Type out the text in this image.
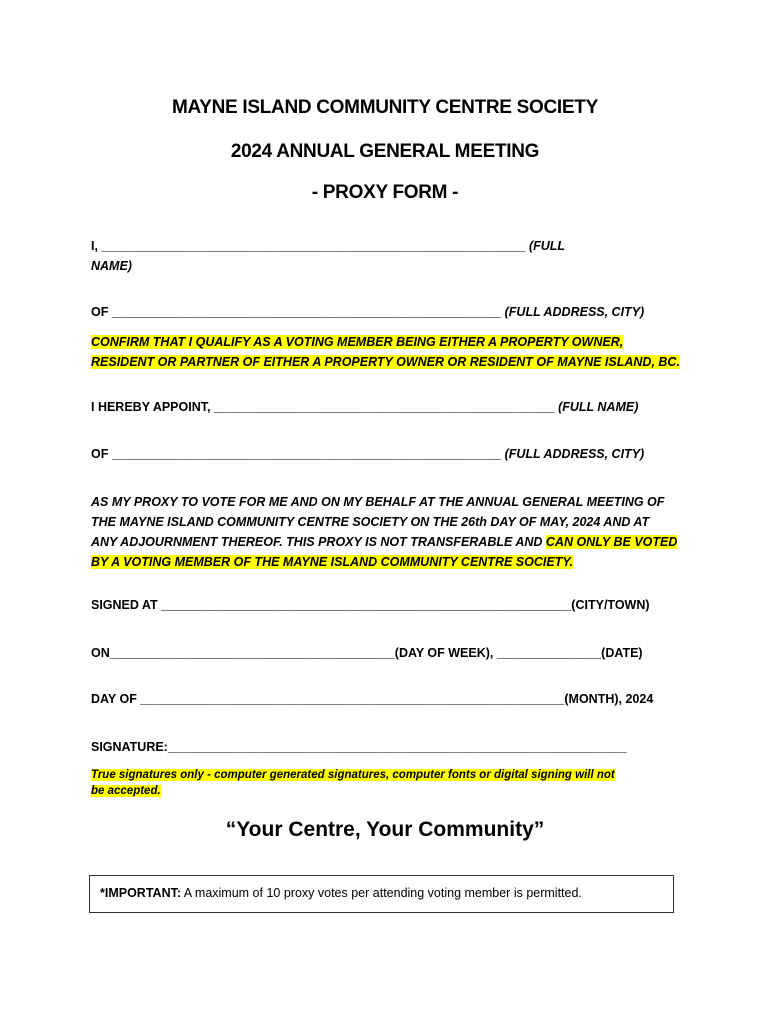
MAYNE ISLAND COMMUNITY CENTRE SOCIETY
2024 ANNUAL GENERAL MEETING
- PROXY FORM -
I, _____________________________________________________________ (FULL
NAME)
OF ________________________________________________________ (FULL ADDRESS, CITY)
CONFIRM THAT I QUALIFY AS A VOTING MEMBER BEING EITHER A PROPERTY OWNER,
RESIDENT OR PARTNER OF EITHER A PROPERTY OWNER OR RESIDENT OF MAYNE ISLAND, BC.
I HEREBY APPOINT, _________________________________________________ (FULL NAME)
OF ________________________________________________________ (FULL ADDRESS, CITY)
AS MY PROXY TO VOTE FOR ME AND ON MY BEHALF AT THE ANNUAL GENERAL MEETING OF
THE MAYNE ISLAND COMMUNITY CENTRE SOCIETY ON THE 26th DAY OF MAY, 2024 AND AT
ANY ADJOURNMENT THEREOF. THIS PROXY IS NOT TRANSFERABLE AND CAN ONLY BE VOTED
BY A VOTING MEMBER OF THE MAYNE ISLAND COMMUNITY CENTRE SOCIETY.
SIGNED AT ___________________________________________________________(CITY/TOWN)
ON_________________________________________(DAY OF WEEK), _______________(DATE)
DAY OF _____________________________________________________________(MONTH), 2024
SIGNATURE:__________________________________________________________________
True signatures only - computer generated signatures, computer fonts or digital signing will not
be accepted.
“Your Centre, Your Community”
*IMPORTANT: A maximum of 10 proxy votes per attending voting member is permitted.
